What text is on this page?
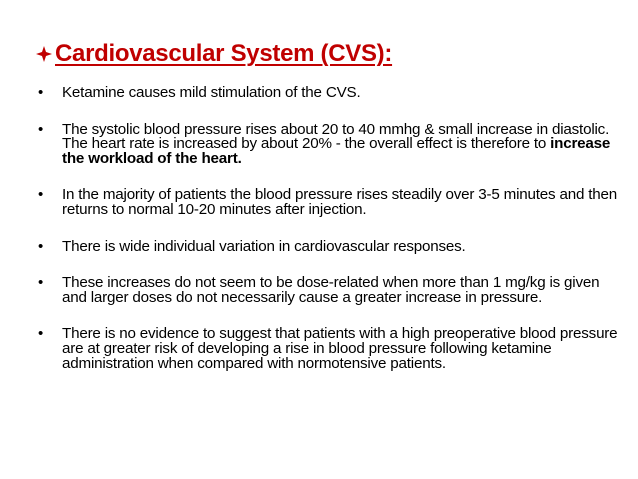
Cardiovascular System (CVS):
• Ketamine causes mild stimulation of the CVS.
• The systolic blood pressure rises about 20 to 40 mmhg & small increase in diastolic. The heart rate is increased by about 20% - the overall effect is therefore to increase the workload of the heart.
• In the majority of patients the blood pressure rises steadily over 3-5 minutes and then returns to normal 10-20 minutes after injection.
• There is wide individual variation in cardiovascular responses.
• These increases do not seem to be dose-related when more than 1 mg/kg is given and larger doses do not necessarily cause a greater increase in pressure.
• There is no evidence to suggest that patients with a high preoperative blood pressure are at greater risk of developing a rise in blood pressure following ketamine administration when compared with normotensive patients.
